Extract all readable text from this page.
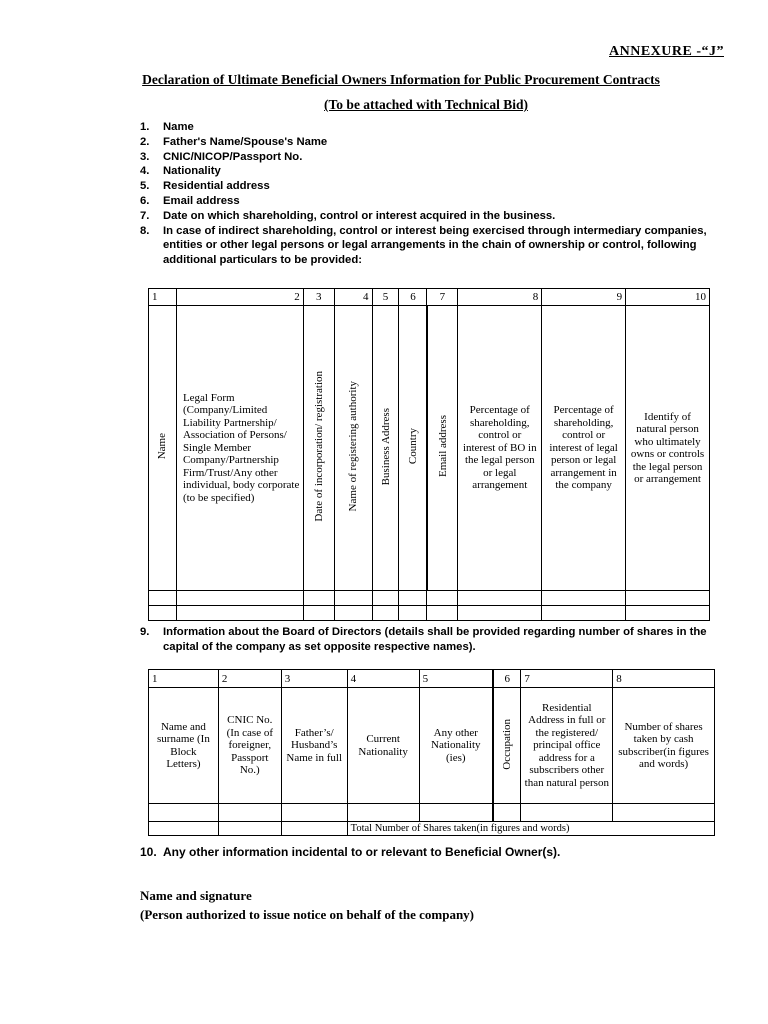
ANNEXURE -“J”
Declaration of Ultimate Beneficial Owners Information for Public Procurement Contracts
(To be attached with Technical Bid)
1. Name
2. Father's Name/Spouse's Name
3. CNIC/NICOP/Passport No.
4. Nationality
5. Residential address
6. Email address
7. Date on which shareholding, control or interest acquired in the business.
8. In case of indirect shareholding, control or interest being exercised through intermediary companies, entities or other legal persons or legal arrangements in the chain of ownership or control, following additional particulars to be provided:
1	2	3	4	5	6	7	8	9	10
Name	Legal Form (Company/Limited Liability Partnership/ Association of Persons/ Single Member Company/Partnership Firm/Trust/Any other individual, body corporate (to be specified)	Date of incorporation/ registration	Name of registering authority	Business Address	Country	Email address	Percentage of shareholding, control or interest of BO in the legal person or legal arrangement	Percentage of shareholding, control or interest of legal person or legal arrangement in the company	Identify of natural person who ultimately owns or controls the legal person or arrangement

9.	Information about the Board of Directors (details shall be provided regarding number of shares in the capital of the company as set opposite respective names).
1	2	3	4	5	6	7	8
Name and surname (In Block Letters)	CNIC No. (In case of foreigner, Passport No.)	Father’s/ Husband’s Name in full	Current Nationality	Any other Nationality (ies)	Occupation	Residential Address in full or the registered/ principal office address for a subscribers other than natural person	Number of shares taken by cash subscriber(in figures and words)

			Total Number of Shares taken(in figures and words)				
10. Any other information incidental to or relevant to Beneficial Owner(s).
Name and signature
(Person authorized to issue notice on behalf of the company)
